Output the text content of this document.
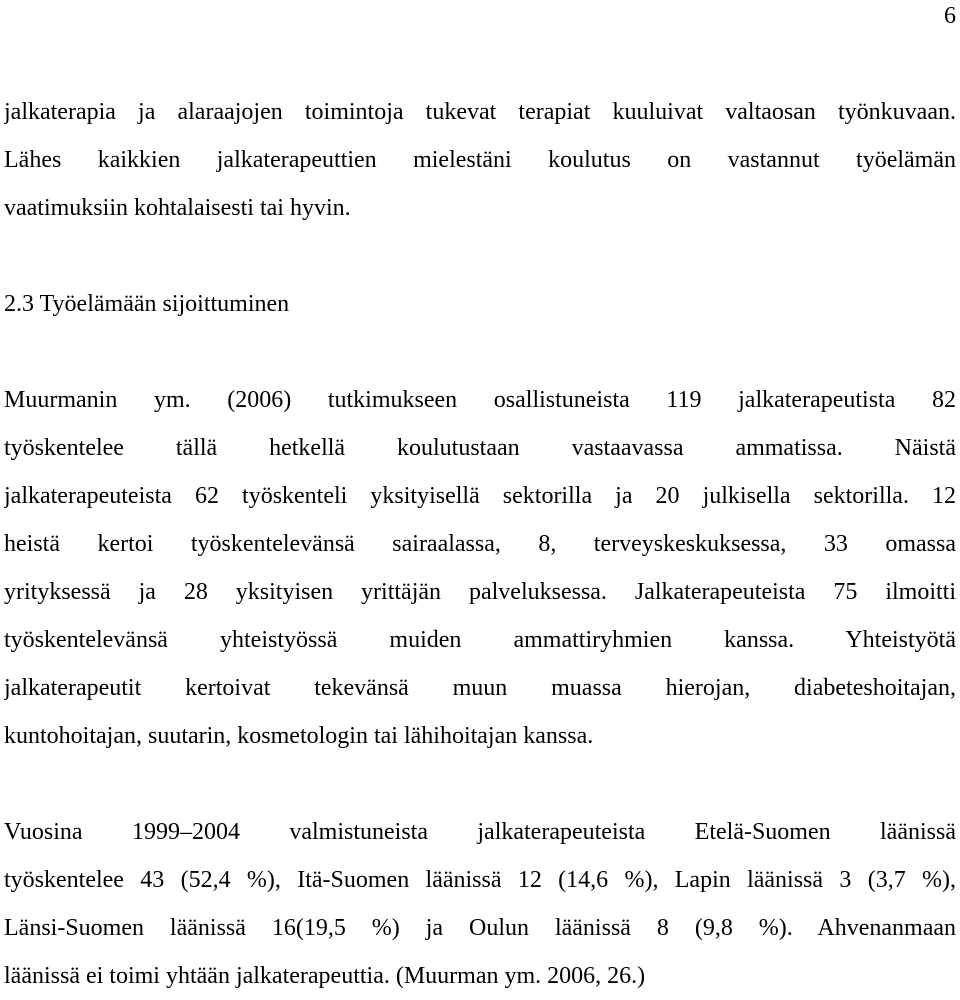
6
jalkaterapia ja alaraajojen toimintoja tukevat terapiat kuuluivat valtaosan työnkuvaan.
Lähes kaikkien jalkaterapeuttien mielestäni koulutus on vastannut työelämän
vaatimuksiin kohtalaisesti tai hyvin.
2.3 Työelämään sijoittuminen
Muurmanin ym. (2006) tutkimukseen osallistuneista 119 jalkaterapeutista 82
työskentelee tällä hetkellä koulutustaan vastaavassa ammatissa. Näistä
jalkaterapeuteista 62 työskenteli yksityisellä sektorilla ja 20 julkisella sektorilla. 12
heistä kertoi työskentelevänsä sairaalassa, 8, terveyskeskuksessa, 33 omassa
yrityksessä ja 28 yksityisen yrittäjän palveluksessa. Jalkaterapeuteista 75 ilmoitti
työskentelevänsä yhteistyössä muiden ammattiryhmien kanssa. Yhteistyötä
jalkaterapeutit kertoivat tekevänsä muun muassa hierojan, diabeteshoitajan,
kuntohoitajan, suutarin, kosmetologin tai lähihoitajan kanssa.
Vuosina 1999–2004 valmistuneista jalkaterapeuteista Etelä-Suomen läänissä
työskentelee 43 (52,4 %), Itä-Suomen läänissä 12 (14,6 %), Lapin läänissä 3 (3,7 %),
Länsi-Suomen läänissä 16(19,5 %) ja Oulun läänissä 8 (9,8 %). Ahvenanmaan
läänissä ei toimi yhtään jalkaterapeuttia. (Muurman ym. 2006, 26.)
